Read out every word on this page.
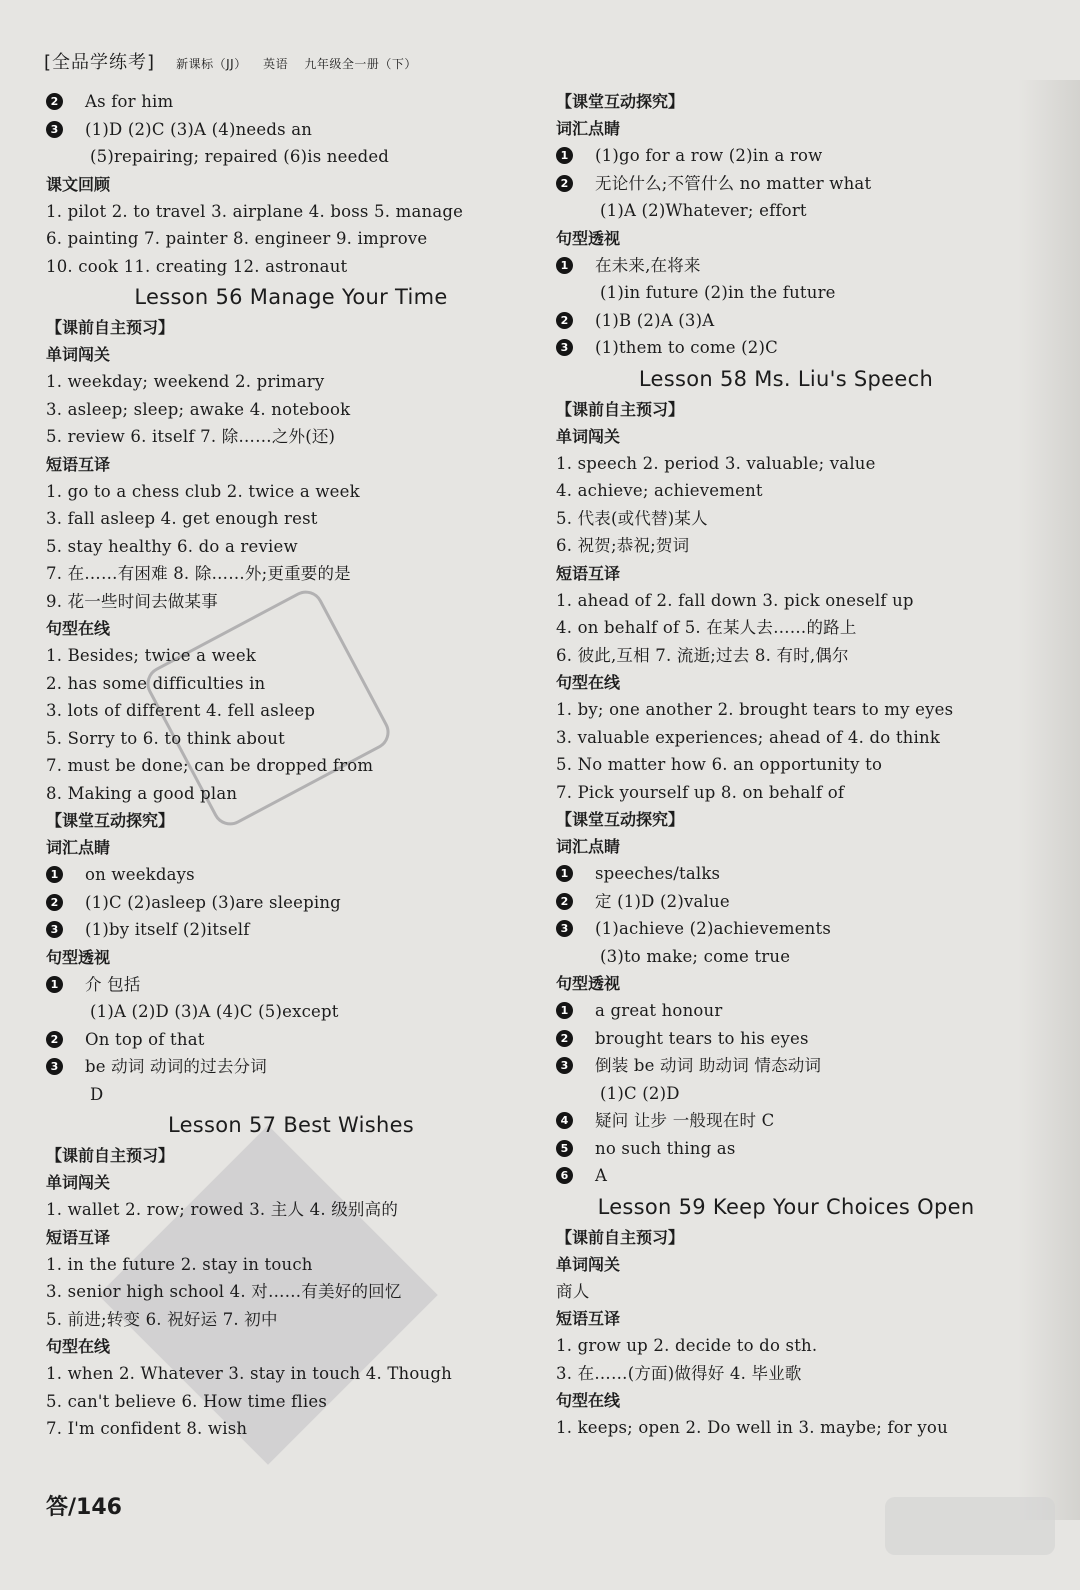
[全品学练考] 新课标（JJ） 英语 九年级全一册（下）
2 As for him
3 (1)D (2)C (3)A (4)needs an
(5)repairing; repaired (6)is needed
课文回顾
1. pilot 2. to travel 3. airplane 4. boss 5. manage
6. painting 7. painter 8. engineer 9. improve
10. cook 11. creating 12. astronaut
Lesson 56 Manage Your Time
【课前自主预习】
单词闯关
1. weekday; weekend 2. primary
3. asleep; sleep; awake 4. notebook
5. review 6. itself 7. 除……之外(还)
短语互译
1. go to a chess club 2. twice a week
3. fall asleep 4. get enough rest
5. stay healthy 6. do a review
7. 在……有困难 8. 除……外;更重要的是
9. 花一些时间去做某事
句型在线
1. Besides; twice a week
2. has some difficulties in
3. lots of different 4. fell asleep
5. Sorry to 6. to think about
7. must be done; can be dropped from
8. Making a good plan
【课堂互动探究】
词汇点睛
1 on weekdays
2 (1)C (2)asleep (3)are sleeping
3 (1)by itself (2)itself
句型透视
1 介 包括
(1)A (2)D (3)A (4)C (5)except
2 On top of that
3 be 动词 动词的过去分词
D
Lesson 57 Best Wishes
【课前自主预习】
单词闯关
1. wallet 2. row; rowed 3. 主人 4. 级别高的
短语互译
1. in the future 2. stay in touch
3. senior high school 4. 对……有美好的回忆
5. 前进;转变 6. 祝好运 7. 初中
句型在线
1. when 2. Whatever 3. stay in touch 4. Though
5. can't believe 6. How time flies
7. I'm confident 8. wish
【课堂互动探究】
词汇点睛
1 (1)go for a row (2)in a row
2 无论什么;不管什么 no matter what
(1)A (2)Whatever; effort
句型透视
1 在未来,在将来
(1)in future (2)in the future
2 (1)B (2)A (3)A
3 (1)them to come (2)C
Lesson 58 Ms. Liu's Speech
【课前自主预习】
单词闯关
1. speech 2. period 3. valuable; value
4. achieve; achievement
5. 代表(或代替)某人
6. 祝贺;恭祝;贺词
短语互译
1. ahead of 2. fall down 3. pick oneself up
4. on behalf of 5. 在某人去……的路上
6. 彼此,互相 7. 流逝;过去 8. 有时,偶尔
句型在线
1. by; one another 2. brought tears to my eyes
3. valuable experiences; ahead of 4. do think
5. No matter how 6. an opportunity to
7. Pick yourself up 8. on behalf of
【课堂互动探究】
词汇点睛
1 speeches/talks
2 定 (1)D (2)value
3 (1)achieve (2)achievements
(3)to make; come true
句型透视
1 a great honour
2 brought tears to his eyes
3 倒装 be 动词 助动词 情态动词
(1)C (2)D
4 疑问 让步 一般现在时 C
5 no such thing as
6 A
Lesson 59 Keep Your Choices Open
【课前自主预习】
单词闯关
商人
短语互译
1. grow up 2. decide to do sth.
3. 在……(方面)做得好 4. 毕业歌
句型在线
1. keeps; open 2. Do well in 3. maybe; for you
答/146
